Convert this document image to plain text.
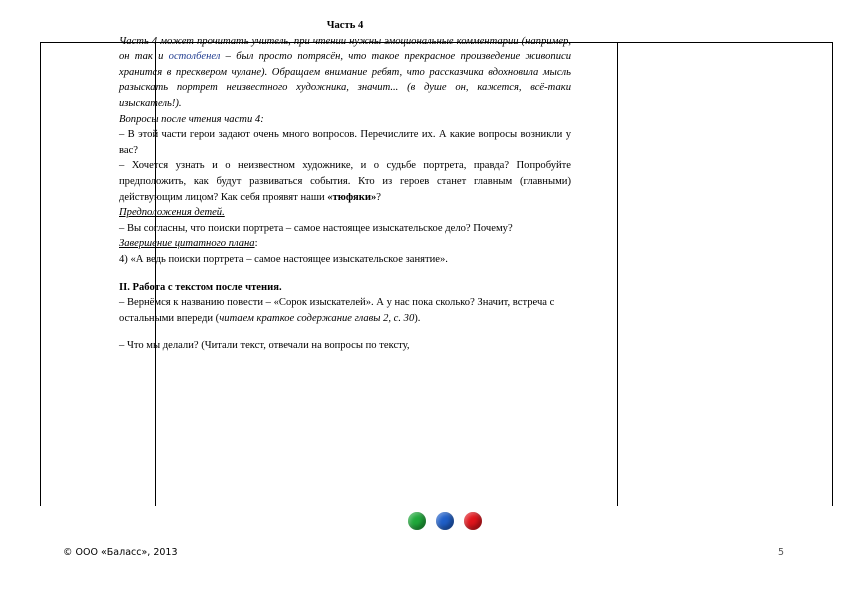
Часть 4

Часть 4 может прочитать учитель, при чтении нужны эмоциональные комментарии (например, он так и остолбенел – был просто потрясён, что такое прекрасное произведение живописи хранится в пресквером чулане). Обращаем внимание ребят, что рассказчика вдохновила мысль разыскать портрет неизвестного художника, значит... (в душе он, кажется, всё-таки изыскатель!).

Вопросы после чтения части 4:

– В этой части герои задают очень много вопросов. Перечислите их. А какие вопросы возникли у вас?

– Хочется узнать и о неизвестном художнике, и о судьбе портрета, правда? Попробуйте предположить, как будут развиваться события. Кто из героев станет главным (главными) действующим лицом? Как себя проявят наши «тюфяки»?

Предположения детей.

– Вы согласны, что поиски портрета – самое настоящее изыскательское дело? Почему?

Завершение цитатного плана:

4) «А ведь поиски портрета – самое настоящее изыскательское занятие».

II. Работа с текстом после чтения.

– Вернёмся к названию повести – «Сорок изыскателей». А у нас пока сколько? Значит, встреча с остальными впереди (читаем краткое содержание главы 2, с. 30).

– Что мы делали? (Читали текст, отвечали на вопросы по тексту,

© ООО «Баласс», 2013	5
